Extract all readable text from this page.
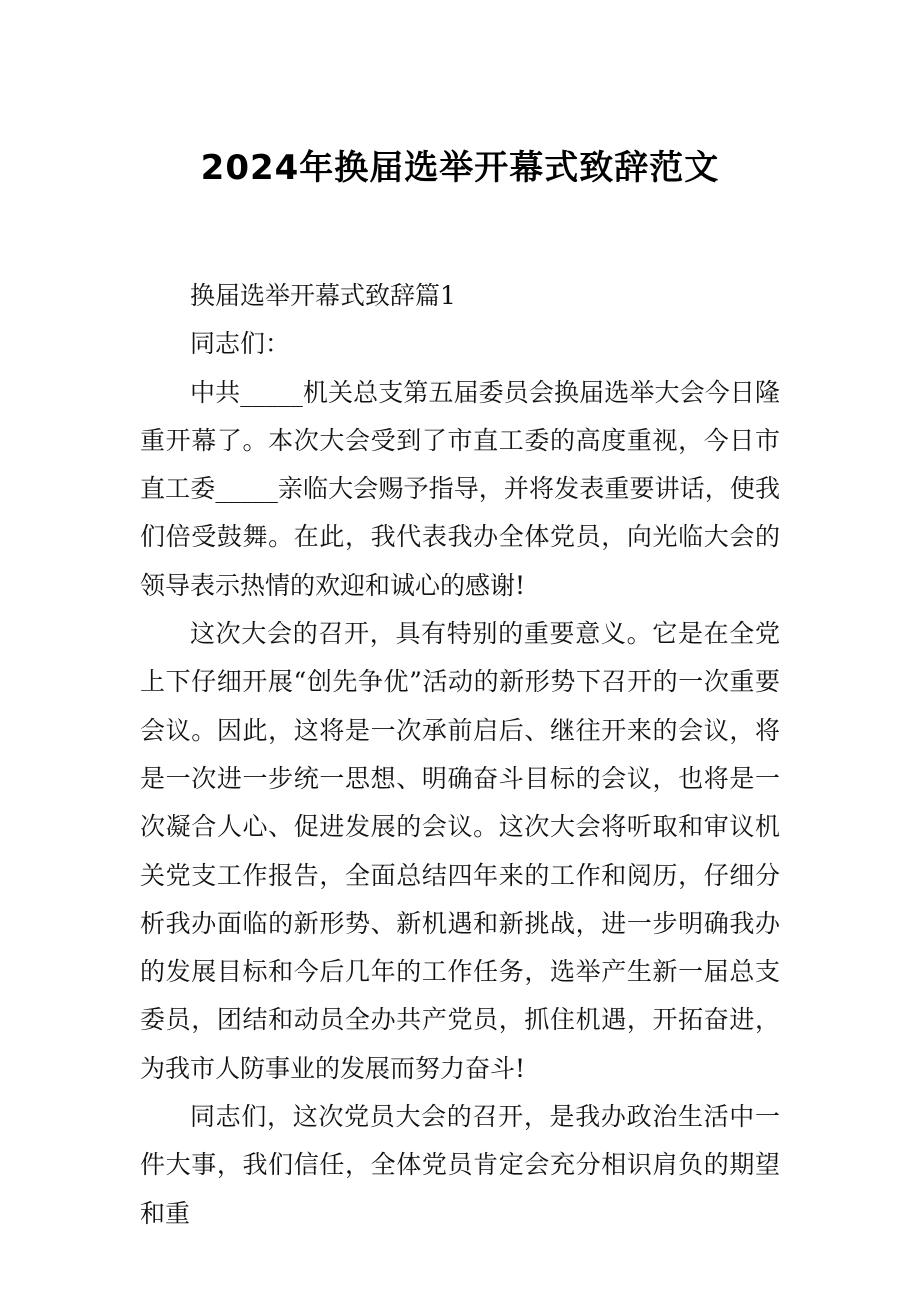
2024年换届选举开幕式致辞范文

换届选举开幕式致辞篇1

同志们：

中共_____机关总支第五届委员会换届选举大会今日隆重开幕了。本次大会受到了市直工委的高度重视，今日市直工委_____亲临大会赐予指导，并将发表重要讲话，使我们倍受鼓舞。在此，我代表我办全体党员，向光临大会的领导表示热情的欢迎和诚心的感谢!

这次大会的召开，具有特别的重要意义。它是在全党上下仔细开展“创先争优”活动的新形势下召开的一次重要会议。因此，这将是一次承前启后、继往开来的会议，将是一次进一步统一思想、明确奋斗目标的会议，也将是一次凝合人心、促进发展的会议。这次大会将听取和审议机关党支工作报告，全面总结四年来的工作和阅历，仔细分析我办面临的新形势、新机遇和新挑战，进一步明确我办的发展目标和今后几年的工作任务，选举产生新一届总支委员，团结和动员全办共产党员，抓住机遇，开拓奋进，为我市人防事业的发展而努力奋斗!

同志们，这次党员大会的召开，是我办政治生活中一件大事，我们信任，全体党员肯定会充分相识肩负的期望和重
